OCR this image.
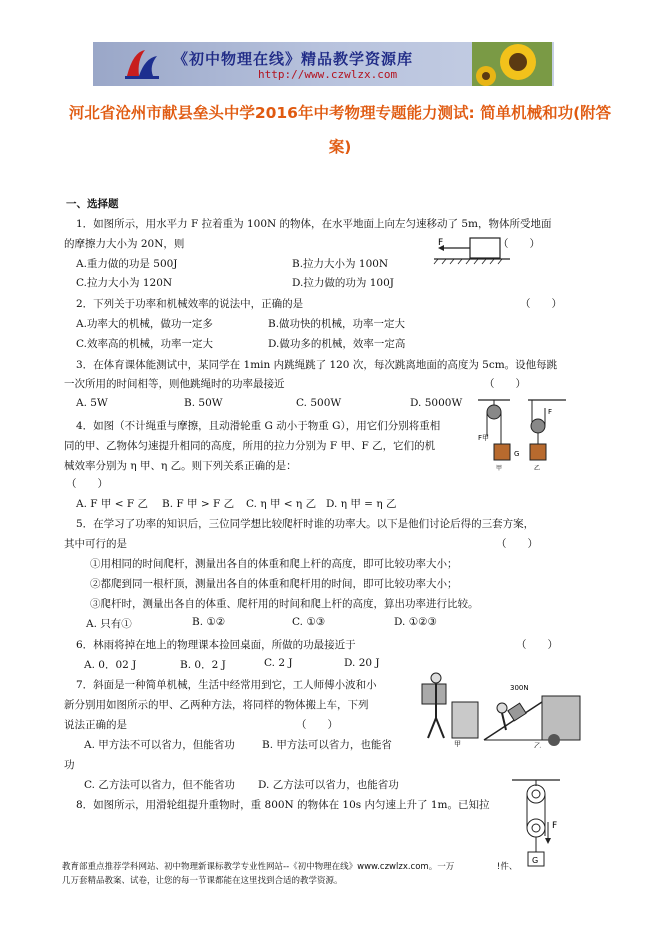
《初中物理在线》精品教学资源库
http://www.czwlzx.com
河北省沧州市献县垒头中学2016年中考物理专题能力测试: 简单机械和功(附答案)
一、选择题
1．如图所示，用水平力 F 拉着重为 100N 的物体，在水平地面上向左匀速移动了 5m，物体所受地面
的摩擦力大小为 20N，则	（　　）
A.重力做的功是 500J	B.拉力大小为 100N
C.拉力大小为 120N	D.拉力做的功为 100J
F
2．下列关于功率和机械效率的说法中，正确的是	（　　）
A.功率大的机械，做功一定多	B.做功快的机械，功率一定大
C.效率高的机械，功率一定大	D.做功多的机械，效率一定高
3．在体育课体能测试中，某同学在 1min 内跳绳跳了 120 次，每次跳离地面的高度为 5cm。设他每跳
一次所用的时间相等，则他跳绳时的功率最接近	（　　）
A. 5W	B. 50W	C. 500W	D. 5000W
4．如图（不计绳重与摩擦，且动滑轮重 G 动小于物重 G），用它们分别将重相
同的甲、乙物体匀速提升相同的高度，所用的拉力分别为 F 甲、F 乙，它们的机
械效率分别为 η 甲、η 乙。则下列关系正确的是：
（　　）
A. F 甲 < F 乙 B. F 甲 > F 乙 C. η 甲 < η 乙 D. η 甲 = η 乙
F甲
G
甲
F
乙
5．在学习了功率的知识后，三位同学想比较爬杆时谁的功率大。以下是他们讨论后得的三套方案，
其中可行的是	（　　）
①用相同的时间爬杆，测量出各自的体重和爬上杆的高度，即可比较功率大小；
②都爬到同一根杆顶，测量出各自的体重和爬杆用的时间，即可比较功率大小；
③爬杆时，测量出各自的体重、爬杆用的时间和爬上杆的高度，算出功率进行比较。
A. 只有①	B. ①②	C. ①③	D. ①②③
6．林雨将掉在地上的物理课本捡回桌面，所做的功最接近于	（　　）
A. 0．02 J	B. 0．2 J	C. 2 J	D. 20 J
7．斜面是一种简单机械，生活中经常用到它，工人师傅小波和小
新分别用如图所示的甲、乙两种方法，将同样的物体搬上车，下列
说法正确的是	（　　）
A. 甲方法不可以省力，但能省功	B. 甲方法可以省力，也能省
功
C. 乙方法可以省力，但不能省功 D. 乙方法可以省力，也能省功
甲
300N
乙
8．如图所示，用滑轮组提升重物时，重 800N 的物体在 10s 内匀速上升了 1m。已知拉
F
G
教育部重点推荐学科网站、初中物理新课标教学专业性网站--《初中物理在线》www.czwlzx.com。一万	!件、
几万套精品教案、试卷，让您的每一节课都能在这里找到合适的教学资源。
